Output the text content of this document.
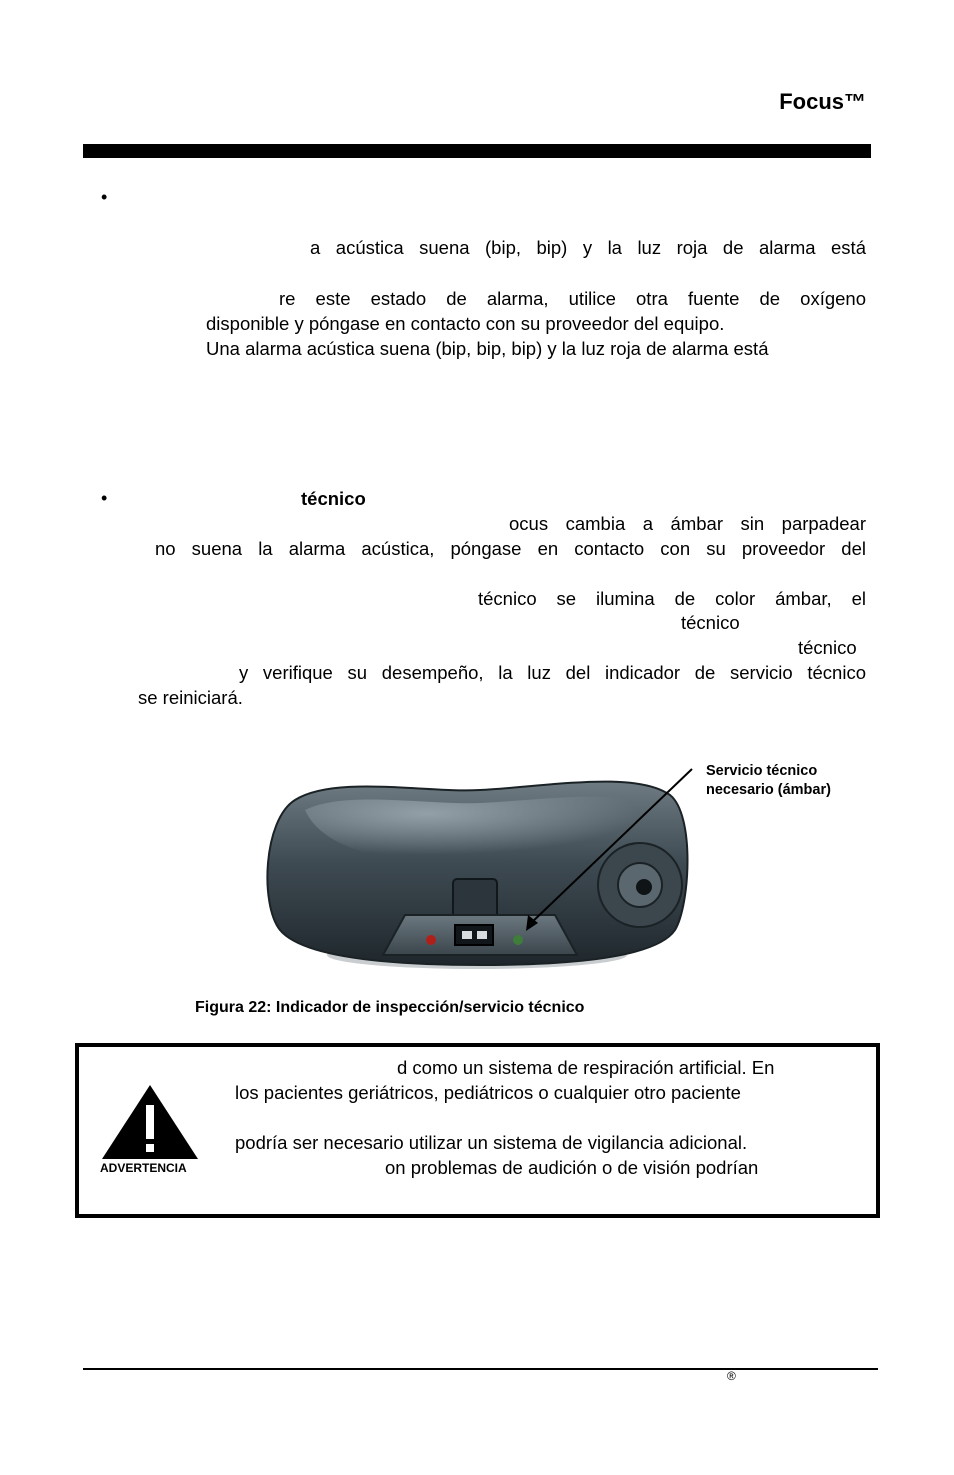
Focus™
•
a acústica suena (bip, bip) y la luz roja de alarma está
re este estado de alarma, utilice otra fuente de oxígeno
disponible y póngase en contacto con su proveedor del equipo.
Una alarma acústica suena (bip, bip, bip) y la luz roja de alarma está
•	técnico
ocus cambia a ámbar sin parpadear
no suena la alarma acústica, póngase en contacto con su proveedor del
técnico se ilumina de color ámbar, el
técnico
técnico
y verifique su desempeño, la luz del indicador de servicio técnico
se reiniciará.
Servicio técnico
necesario (ámbar)
Figura 22: Indicador de inspección/servicio técnico
ADVERTENCIA
d como un sistema de respiración artificial. En
los pacientes geriátricos, pediátricos o cualquier otro paciente
podría ser necesario utilizar un sistema de vigilancia adicional.
on problemas de audición o de visión podrían
®
